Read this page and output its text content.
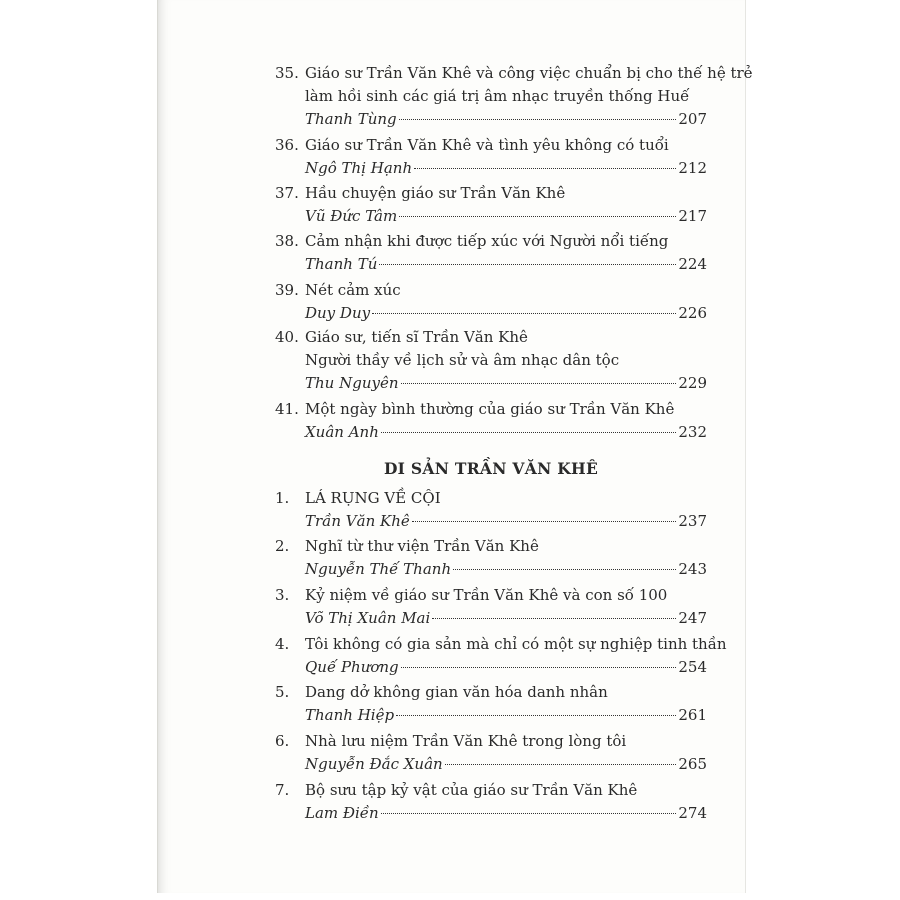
35. Giáo sư Trần Văn Khê và công việc chuẩn bị cho thế hệ trẻ
làm hồi sinh các giá trị âm nhạc truyền thống Huế
Thanh Tùng	207
36. Giáo sư Trần Văn Khê và tình yêu không có tuổi
Ngô Thị Hạnh	212
37. Hầu chuyện giáo sư Trần Văn Khê
Vũ Đức Tâm	217
38. Cảm nhận khi được tiếp xúc với Người nổi tiếng
Thanh Tú	224
39. Nét cảm xúc
Duy Duy	226
40. Giáo sư, tiến sĩ Trần Văn Khê
Người thầy về lịch sử và âm nhạc dân tộc
Thu Nguyên	229
41. Một ngày bình thường của giáo sư Trần Văn Khê
Xuân Anh	232
DI SẢN TRẦN VĂN KHÊ
1.	LÁ RỤNG VỀ CỘI
Trần Văn Khê	237
2.	Nghĩ từ thư viện Trần Văn Khê
Nguyễn Thế Thanh	243
3.	Kỷ niệm về giáo sư Trần Văn Khê và con số 100
Võ Thị Xuân Mai	247
4.	Tôi không có gia sản mà chỉ có một sự nghiệp tinh thần
Quế Phương	254
5.	Dang dở không gian văn hóa danh nhân
Thanh Hiệp	261
6.	Nhà lưu niệm Trần Văn Khê trong lòng tôi
Nguyễn Đắc Xuân	265
7.	Bộ sưu tập kỷ vật của giáo sư Trần Văn Khê
Lam Điền	274
